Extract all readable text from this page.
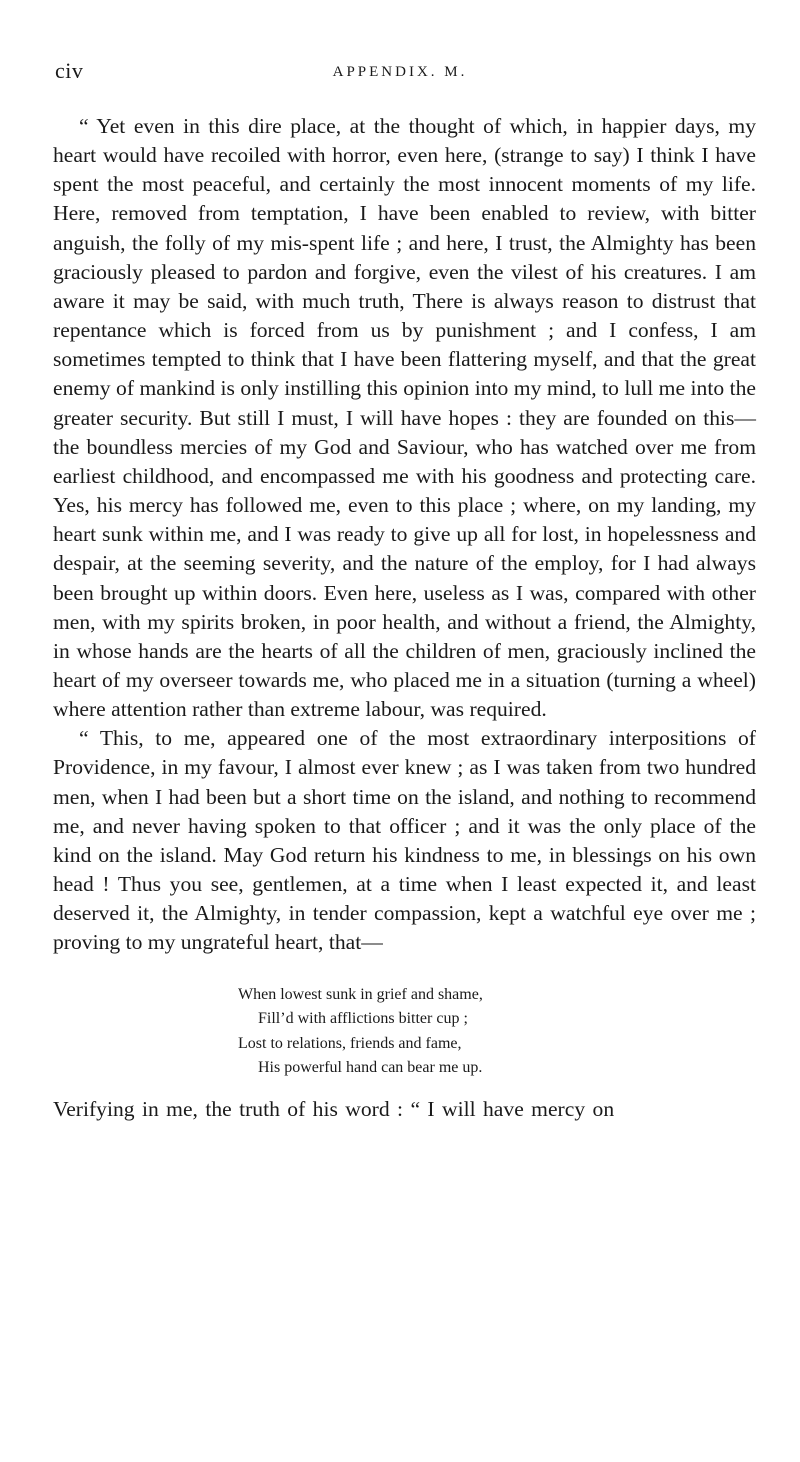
civ	APPENDIX. M.

“ Yet even in this dire place, at the thought of which, in happier days, my heart would have recoiled with horror, even here, (strange to say) I think I have spent the most peaceful, and certainly the most innocent moments of my life. Here, removed from temptation, I have been enabled to review, with bitter anguish, the folly of my mis-spent life ; and here, I trust, the Almighty has been graciously pleased to pardon and forgive, even the vilest of his creatures. I am aware it may be said, with much truth, There is always reason to distrust that repentance which is forced from us by punishment ; and I confess, I am sometimes tempted to think that I have been flattering myself, and that the great enemy of mankind is only instilling this opinion into my mind, to lull me into the greater security. But still I must, I will have hopes : they are founded on this—the boundless mercies of my God and Saviour, who has watched over me from earliest childhood, and encompassed me with his goodness and protecting care. Yes, his mercy has followed me, even to this place ; where, on my landing, my heart sunk within me, and I was ready to give up all for lost, in hopelessness and despair, at the seeming severity, and the nature of the employ, for I had always been brought up within doors. Even here, useless as I was, compared with other men, with my spirits broken, in poor health, and without a friend, the Almighty, in whose hands are the hearts of all the children of men, graciously inclined the heart of my overseer towards me, who placed me in a situation (turning a wheel) where attention rather than extreme labour, was required.

“ This, to me, appeared one of the most extraordinary interpositions of Providence, in my favour, I almost ever knew ; as I was taken from two hundred men, when I had been but a short time on the island, and nothing to recommend me, and never having spoken to that officer ; and it was the only place of the kind on the island. May God return his kindness to me, in blessings on his own head ! Thus you see, gentlemen, at a time when I least expected it, and least deserved it, the Almighty, in tender compassion, kept a watchful eye over me ; proving to my ungrateful heart, that—

When lowest sunk in grief and shame,
Fill’d with afflictions bitter cup ;
Lost to relations, friends and fame,
His powerful hand can bear me up.

Verifying in me, the truth of his word : “ I will have mercy on
